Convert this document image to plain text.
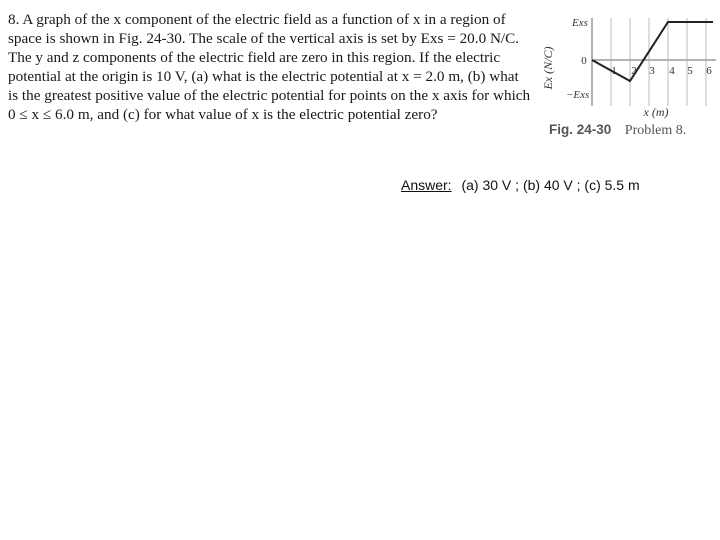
8. A graph of the x component of the electric field as a function of x in a region of space is shown in Fig. 24-30. The scale of the vertical axis is set by Exs = 20.0 N/C. The y and z components of the electric field are zero in this region. If the electric potential at the origin is 10 V, (a) what is the electric potential at x = 2.0 m, (b) what is the greatest positive value of the electric potential for points on the x axis for which 0 ≤ x ≤ 6.0 m, and (c) for what value of x is the electric potential zero?

Ex (N/C)
Exs
0
−Exs
1 2 3 4 5 6
x (m)
Fig. 24-30 Problem 8.
Answer: (a) 30 V ; (b) 40 V ; (c) 5.5 m
